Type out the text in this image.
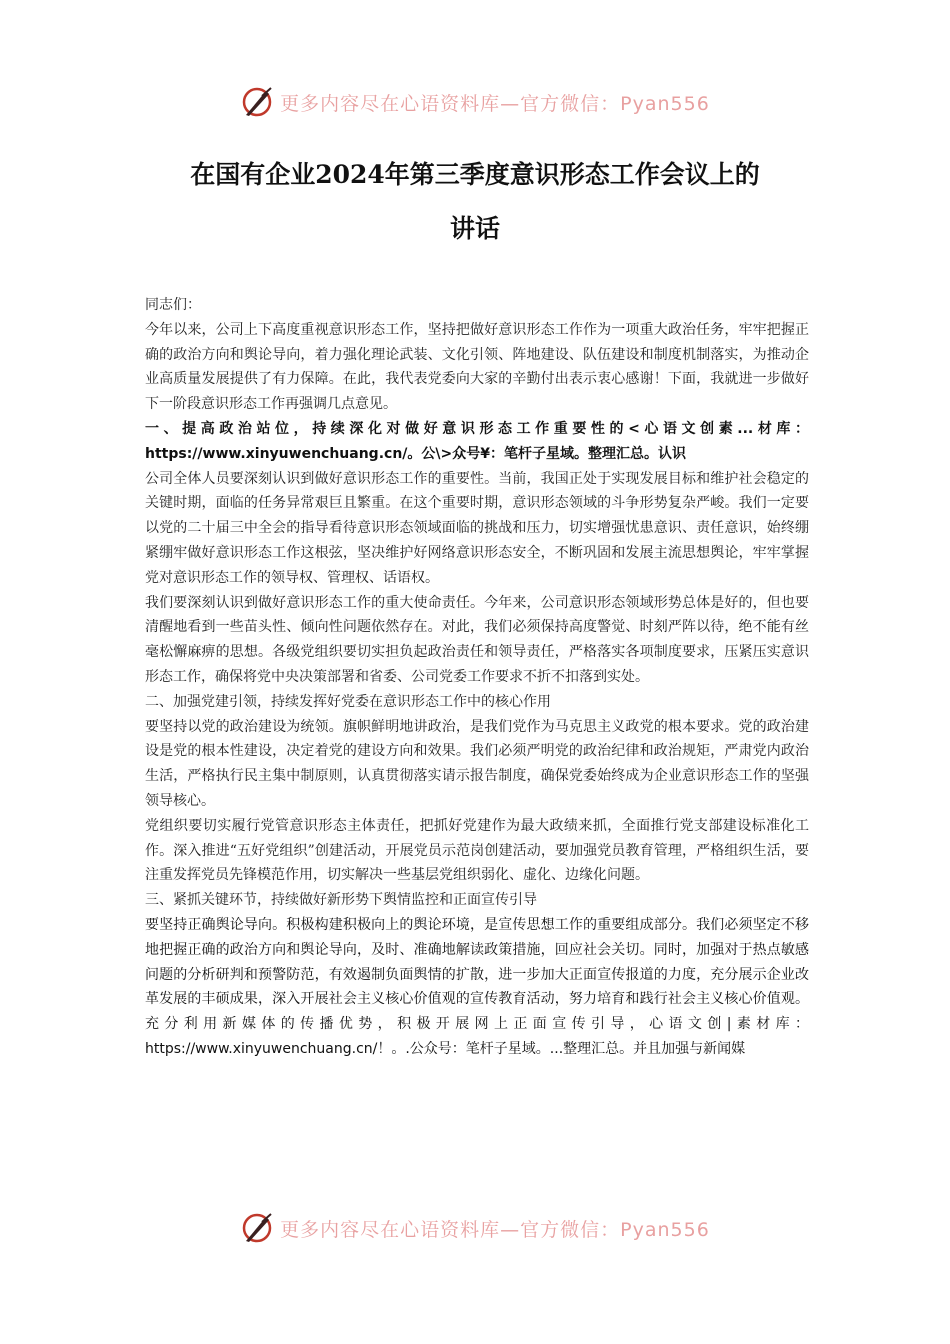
更多内容尽在心语资料库—官方微信：Pyan556
在国有企业2024年第三季度意识形态工作会议上的
讲话

同志们：

今年以来，公司上下高度重视意识形态工作，坚持把做好意识形态工作作为一项重大政治任务，牢牢把握正确的政治方向和舆论导向，着力强化理论武装、文化引领、阵地建设、队伍建设和制度机制落实，为推动企业高质量发展提供了有力保障。在此，我代表党委向大家的辛勤付出表示衷心感谢！下面，我就进一步做好下一阶段意识形态工作再强调几点意见。

一、提高政治站位，持续深化对做好意识形态工作重要性的<心语文创素...材库：https://www.xinyuwenchuang.cn/。公\>众号¥：笔杆子星域。整理汇总。认识

公司全体人员要深刻认识到做好意识形态工作的重要性。当前，我国正处于实现发展目标和维护社会稳定的关键时期，面临的任务异常艰巨且繁重。在这个重要时期，意识形态领域的斗争形势复杂严峻。我们一定要以党的二十届三中全会的指导看待意识形态领域面临的挑战和压力，切实增强忧患意识、责任意识，始终绷紧绷牢做好意识形态工作这根弦，坚决维护好网络意识形态安全，不断巩固和发展主流思想舆论，牢牢掌握党对意识形态工作的领导权、管理权、话语权。

我们要深刻认识到做好意识形态工作的重大使命责任。今年来，公司意识形态领域形势总体是好的，但也要清醒地看到一些苗头性、倾向性问题依然存在。对此，我们必须保持高度警觉、时刻严阵以待，绝不能有丝毫松懈麻痹的思想。各级党组织要切实担负起政治责任和领导责任，严格落实各项制度要求，压紧压实意识形态工作，确保将党中央决策部署和省委、公司党委工作要求不折不扣落到实处。

二、加强党建引领，持续发挥好党委在意识形态工作中的核心作用

要坚持以党的政治建设为统领。旗帜鲜明地讲政治，是我们党作为马克思主义政党的根本要求。党的政治建设是党的根本性建设，决定着党的建设方向和效果。我们必须严明党的政治纪律和政治规矩，严肃党内政治生活，严格执行民主集中制原则，认真贯彻落实请示报告制度，确保党委始终成为企业意识形态工作的坚强领导核心。

党组织要切实履行党管意识形态主体责任，把抓好党建作为最大政绩来抓，全面推行党支部建设标准化工作。深入推进“五好党组织”创建活动，开展党员示范岗创建活动，要加强党员教育管理，严格组织生活，要注重发挥党员先锋模范作用，切实解决一些基层党组织弱化、虚化、边缘化问题。

三、紧抓关键环节，持续做好新形势下舆情监控和正面宣传引导

要坚持正确舆论导向。积极构建积极向上的舆论环境，是宣传思想工作的重要组成部分。我们必须坚定不移地把握正确的政治方向和舆论导向，及时、准确地解读政策措施，回应社会关切。同时，加强对于热点敏感问题的分析研判和预警防范，有效遏制负面舆情的扩散，进一步加大正面宣传报道的力度，充分展示企业改革发展的丰硕成果，深入开展社会主义核心价值观的宣传教育活动，努力培育和践行社会主义核心价值观。充分利用新媒体的传播优势，积极开展网上正面宣传引导，心语文创|素材库：https://www.xinyuwenchuang.cn/！。.公众号：笔杆子星域。...整理汇总。并且加强与新闻媒

更多内容尽在心语资料库—官方微信：Pyan556
